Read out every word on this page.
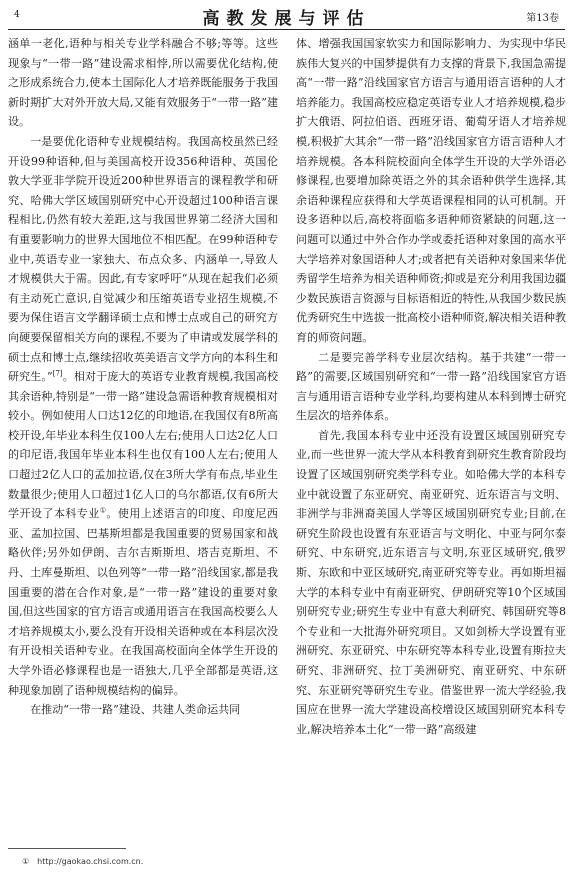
4	高教发展与评估	第13卷

涵单一老化,语种与相关专业学科融合不够;等等。这些现象与“一带一路”建设需求相悖,所以需要优化结构,使之形成系统合力,使本土国际化人才培养既能服务于我国新时期扩大对外开放大局,又能有效服务于“一带一路”建设。

一是要优化语种专业规模结构。我国高校虽然已经开设99种语种,但与美国高校开设356种语种、英国伦敦大学亚非学院开设近200种世界语言的课程教学和研究、哈佛大学区域国别研究中心开设超过100种语言课程相比,仍然有较大差距,这与我国世界第二经济大国和有重要影响力的世界大国地位不相匹配。在99种语种专业中,英语专业一家独大、布点众多、内涵单一,导致人才规模供大于需。因此,有专家呼吁“从现在起我们必须有主动死亡意识,自觉减少和压缩英语专业招生规模,不要为保住语言文学翻译硕士点和博士点或自己的研究方向硬要保留相关方向的课程,不要为了申请或发展学科的硕士点和博士点,继续招收英美语言文学方向的本科生和研究生。”[7]。相对于庞大的英语专业教育规模,我国高校其余语种,特别是“一带一路”建设急需语种教育规模相对较小。例如使用人口达12亿的印地语,在我国仅有8所高校开设,年毕业本科生仅100人左右;使用人口达2亿人口的印尼语,我国年毕业本科生也仅有100人左右;使用人口超过2亿人口的孟加拉语,仅在3所大学有布点,毕业生数量很少;使用人口超过1亿人口的乌尔都语,仅有6所大学开设了本科专业①。使用上述语言的印度、印度尼西亚、孟加拉国、巴基斯坦都是我国重要的贸易国家和战略伙伴;另外如伊朗、吉尔吉斯斯坦、塔吉克斯坦、不丹、土库曼斯坦、以色列等“一带一路”沿线国家,都是我国重要的潜在合作对象,是“一带一路”建设的重要对象国,但这些国家的官方语言或通用语言在我国高校要么人才培养规模太小,要么没有开设相关语种或在本科层次没有开设相关语种专业。在我国高校面向全体学生开设的大学外语必修课程也是一语独大,几乎全部都是英语,这种现象加剧了语种规模结构的偏异。

在推动“一带一路”建设、共建人类命运共同

体、增强我国国家软实力和国际影响力、为实现中华民族伟大复兴的中国梦提供有力支撑的背景下,我国急需提高“一带一路”沿线国家官方语言与通用语言语种的人才培养能力。我国高校应稳定英语专业人才培养规模,稳步扩大俄语、阿拉伯语、西班牙语、葡萄牙语人才培养规模,积极扩大其余“一带一路”沿线国家官方语言语种人才培养规模。各本科院校面向全体学生开设的大学外语必修课程,也要增加除英语之外的其余语种供学生选择,其余语种课程应获得和大学英语课程相同的认可机制。开设多语种以后,高校将面临多语种师资紧缺的问题,这一问题可以通过中外合作办学或委托语种对象国的高水平大学培养对象国语种人才;或者把有关语种对象国来华优秀留学生培养为相关语种师资;抑或是充分利用我国边疆少数民族语言资源与目标语相近的特性,从我国少数民族优秀研究生中选拔一批高校小语种师资,解决相关语种教育的师资问题。

二是要完善学科专业层次结构。基于共建“一带一路”的需要,区域国别研究和“一带一路”沿线国家官方语言与通用语言语种专业学科,均要构建从本科到博士研究生层次的培养体系。

首先,我国本科专业中还没有设置区域国别研究专业,而一些世界一流大学从本科教育到研究生教育阶段均设置了区域国别研究类学科专业。如哈佛大学的本科专业中就设置了东亚研究、南亚研究、近东语言与文明、非洲学与非洲裔美国人学等区域国别研究专业;目前,在研究生阶段也设置有东亚语言与文明化、中亚与阿尔泰研究、中东研究,近东语言与文明,东亚区域研究,俄罗斯、东欧和中亚区域研究,南亚研究等专业。再如斯坦福大学的本科专业中有南亚研究、伊朗研究等10个区域国别研究专业;研究生专业中有意大利研究、韩国研究等8个专业和一大批海外研究项目。又如剑桥大学设置有亚洲研究、东亚研究、中东研究等本科专业,设置有斯拉夫研究、非洲研究、拉丁美洲研究、南亚研究、中东研究、东亚研究等研究生专业。借鉴世界一流大学经验,我国应在世界一流大学建设高校增设区域国别研究本科专业,解决培养本土化“一带一路”高级建

① http://gaokao.chsi.com.cn.
